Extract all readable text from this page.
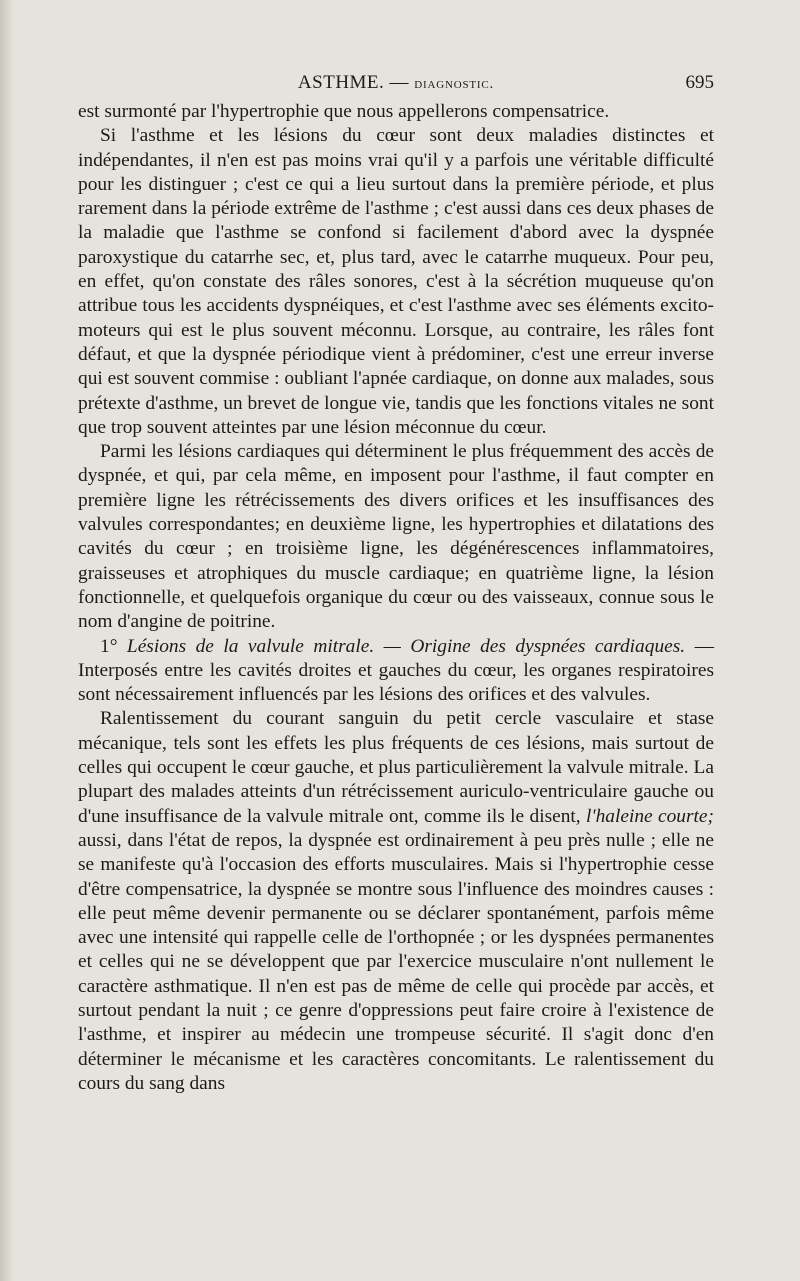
ASTHME. — diagnostic.	695

est surmonté par l'hypertrophie que nous appellerons compensatrice.

Si l'asthme et les lésions du cœur sont deux maladies distinctes et indépendantes, il n'en est pas moins vrai qu'il y a parfois une véritable difficulté pour les distinguer ; c'est ce qui a lieu surtout dans la première période, et plus rarement dans la période extrême de l'asthme ; c'est aussi dans ces deux phases de la maladie que l'asthme se confond si facilement d'abord avec la dyspnée paroxystique du catarrhe sec, et, plus tard, avec le catarrhe muqueux. Pour peu, en effet, qu'on constate des râles sonores, c'est à la sécrétion muqueuse qu'on attribue tous les accidents dyspnéiques, et c'est l'asthme avec ses éléments excito-moteurs qui est le plus souvent méconnu. Lorsque, au contraire, les râles font défaut, et que la dyspnée périodique vient à prédominer, c'est une erreur inverse qui est souvent commise : oubliant l'apnée cardiaque, on donne aux malades, sous prétexte d'asthme, un brevet de longue vie, tandis que les fonctions vitales ne sont que trop souvent atteintes par une lésion méconnue du cœur.

Parmi les lésions cardiaques qui déterminent le plus fréquemment des accès de dyspnée, et qui, par cela même, en imposent pour l'asthme, il faut compter en première ligne les rétrécissements des divers orifices et les insuffisances des valvules correspondantes; en deuxième ligne, les hypertrophies et dilatations des cavités du cœur ; en troisième ligne, les dégénérescences inflammatoires, graisseuses et atrophiques du muscle cardiaque; en quatrième ligne, la lésion fonctionnelle, et quelquefois organique du cœur ou des vaisseaux, connue sous le nom d'angine de poitrine.

1° Lésions de la valvule mitrale. — Origine des dyspnées cardiaques. — Interposés entre les cavités droites et gauches du cœur, les organes respiratoires sont nécessairement influencés par les lésions des orifices et des valvules.

Ralentissement du courant sanguin du petit cercle vasculaire et stase mécanique, tels sont les effets les plus fréquents de ces lésions, mais surtout de celles qui occupent le cœur gauche, et plus particulièrement la valvule mitrale. La plupart des malades atteints d'un rétrécissement auriculo-ventriculaire gauche ou d'une insuffisance de la valvule mitrale ont, comme ils le disent, l'haleine courte; aussi, dans l'état de repos, la dyspnée est ordinairement à peu près nulle ; elle ne se manifeste qu'à l'occasion des efforts musculaires. Mais si l'hypertrophie cesse d'être compensatrice, la dyspnée se montre sous l'influence des moindres causes : elle peut même devenir permanente ou se déclarer spontanément, parfois même avec une intensité qui rappelle celle de l'orthopnée ; or les dyspnées permanentes et celles qui ne se développent que par l'exercice musculaire n'ont nullement le caractère asthmatique. Il n'en est pas de même de celle qui procède par accès, et surtout pendant la nuit ; ce genre d'oppressions peut faire croire à l'existence de l'asthme, et inspirer au médecin une trompeuse sécurité. Il s'agit donc d'en déterminer le mécanisme et les caractères concomitants. Le ralentissement du cours du sang dans
